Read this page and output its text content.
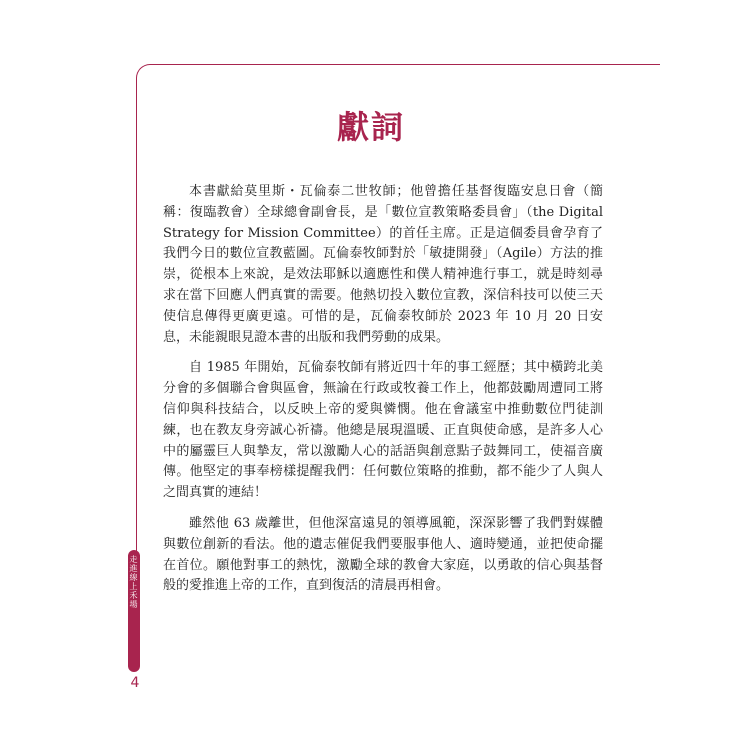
獻詞

本書獻給莫里斯・瓦倫泰二世牧師；他曾擔任基督復臨安息日會（簡稱：復臨教會）全球總會副會長，是「數位宣教策略委員會」（the Digital Strategy for Mission Committee）的首任主席。正是這個委員會孕育了我們今日的數位宣教藍圖。瓦倫泰牧師對於「敏捷開發」（Agile）方法的推崇，從根本上來說，是效法耶穌以適應性和僕人精神進行事工，就是時刻尋求在當下回應人們真實的需要。他熱切投入數位宣教，深信科技可以使三天使信息傳得更廣更遠。可惜的是，瓦倫泰牧師於 2023 年 10 月 20 日安息，未能親眼見證本書的出版和我們勞動的成果。

自 1985 年開始，瓦倫泰牧師有將近四十年的事工經歷；其中橫跨北美分會的多個聯合會與區會，無論在行政或牧養工作上，他都鼓勵周遭同工將信仰與科技結合，以反映上帝的愛與憐憫。他在會議室中推動數位門徒訓練，也在教友身旁誠心祈禱。他總是展現溫暖、正直與使命感，是許多人心中的屬靈巨人與摯友，常以激勵人心的話語與創意點子鼓舞同工，使福音廣傳。他堅定的事奉榜樣提醒我們：任何數位策略的推動，都不能少了人與人之間真實的連結！

雖然他 63 歲離世，但他深富遠見的領導風範，深深影響了我們對媒體與數位創新的看法。他的遺志催促我們要服事他人、適時變通，並把使命擺在首位。願他對事工的熱忱，激勵全球的教會大家庭，以勇敢的信心與基督般的愛推進上帝的工作，直到復活的清晨再相會。

走進線上禾場
4
